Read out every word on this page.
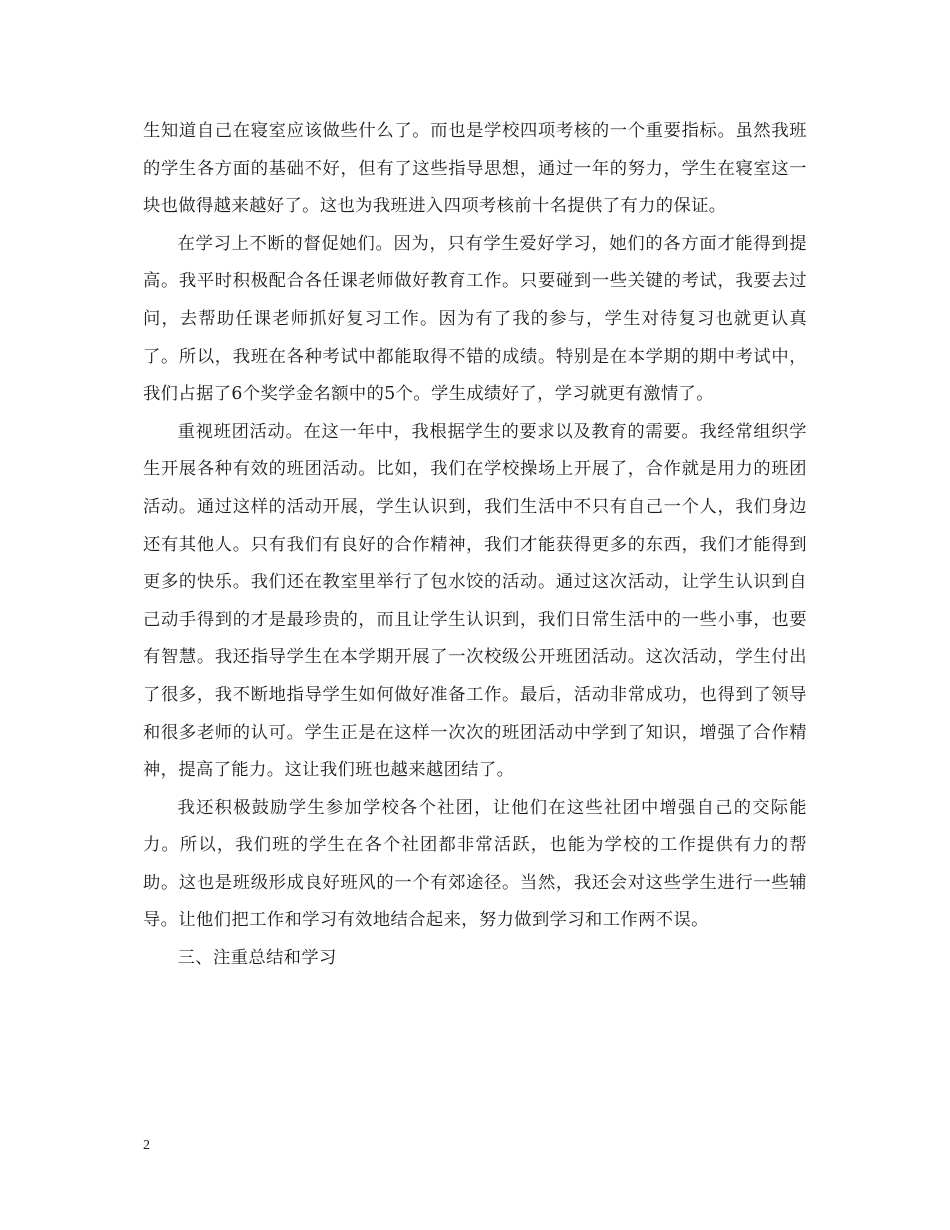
生知道自己在寝室应该做些什么了。而也是学校四项考核的一个重要指标。虽然我班的学生各方面的基础不好，但有了这些指导思想，通过一年的努力，学生在寝室这一块也做得越来越好了。这也为我班进入四项考核前十名提供了有力的保证。

在学习上不断的督促她们。因为，只有学生爱好学习，她们的各方面才能得到提高。我平时积极配合各任课老师做好教育工作。只要碰到一些关键的考试，我要去过问，去帮助任课老师抓好复习工作。因为有了我的参与，学生对待复习也就更认真了。所以，我班在各种考试中都能取得不错的成绩。特别是在本学期的期中考试中，我们占据了6个奖学金名额中的5个。学生成绩好了，学习就更有激情了。

重视班团活动。在这一年中，我根据学生的要求以及教育的需要。我经常组织学生开展各种有效的班团活动。比如，我们在学校操场上开展了，合作就是用力的班团活动。通过这样的活动开展，学生认识到，我们生活中不只有自己一个人，我们身边还有其他人。只有我们有良好的合作精神，我们才能获得更多的东西，我们才能得到更多的快乐。我们还在教室里举行了包水饺的活动。通过这次活动，让学生认识到自己动手得到的才是最珍贵的，而且让学生认识到，我们日常生活中的一些小事，也要有智慧。我还指导学生在本学期开展了一次校级公开班团活动。这次活动，学生付出了很多，我不断地指导学生如何做好准备工作。最后，活动非常成功，也得到了领导和很多老师的认可。学生正是在这样一次次的班团活动中学到了知识，增强了合作精神，提高了能力。这让我们班也越来越团结了。

我还积极鼓励学生参加学校各个社团，让他们在这些社团中增强自己的交际能力。所以，我们班的学生在各个社团都非常活跃，也能为学校的工作提供有力的帮助。这也是班级形成良好班风的一个有郊途径。当然，我还会对这些学生进行一些辅导。让他们把工作和学习有效地结合起来，努力做到学习和工作两不误。

三、注重总结和学习

2
